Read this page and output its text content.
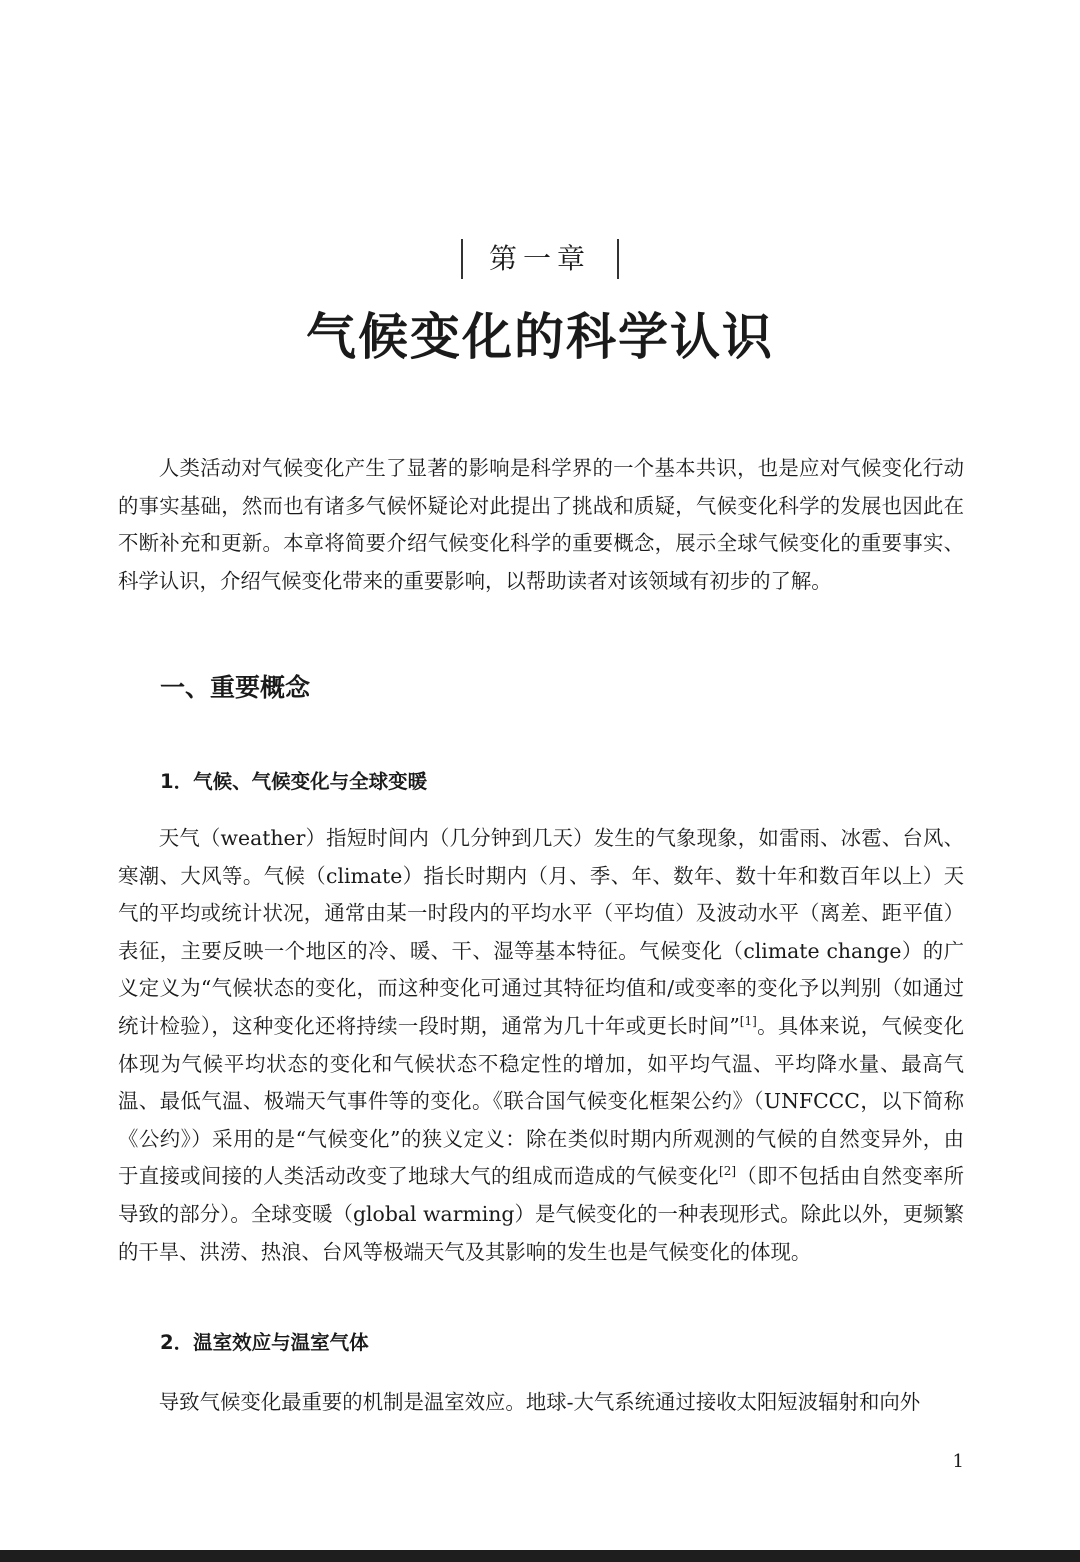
第一章
气候变化的科学认识

人类活动对气候变化产生了显著的影响是科学界的一个基本共识，也是应对气候变化行动的事实基础，然而也有诸多气候怀疑论对此提出了挑战和质疑，气候变化科学的发展也因此在不断补充和更新。本章将简要介绍气候变化科学的重要概念，展示全球气候变化的重要事实、科学认识，介绍气候变化带来的重要影响，以帮助读者对该领域有初步的了解。

一、重要概念
1．气候、气候变化与全球变暖

天气（weather）指短时间内（几分钟到几天）发生的气象现象，如雷雨、冰雹、台风、寒潮、大风等。气候（climate）指长时期内（月、季、年、数年、数十年和数百年以上）天气的平均或统计状况，通常由某一时段内的平均水平（平均值）及波动水平（离差、距平值）表征，主要反映一个地区的冷、暖、干、湿等基本特征。气候变化（climate change）的广义定义为“气候状态的变化，而这种变化可通过其特征均值和/或变率的变化予以判别（如通过统计检验），这种变化还将持续一段时期，通常为几十年或更长时间”[1]。具体来说，气候变化体现为气候平均状态的变化和气候状态不稳定性的增加，如平均气温、平均降水量、最高气温、最低气温、极端天气事件等的变化。《联合国气候变化框架公约》（UNFCCC，以下简称《公约》）采用的是“气候变化”的狭义定义：除在类似时期内所观测的气候的自然变异外，由于直接或间接的人类活动改变了地球大气的组成而造成的气候变化[2]（即不包括由自然变率所导致的部分）。全球变暖（global warming）是气候变化的一种表现形式。除此以外，更频繁的干旱、洪涝、热浪、台风等极端天气及其影响的发生也是气候变化的体现。

2．温室效应与温室气体

导致气候变化最重要的机制是温室效应。地球-大气系统通过接收太阳短波辐射和向外

1
